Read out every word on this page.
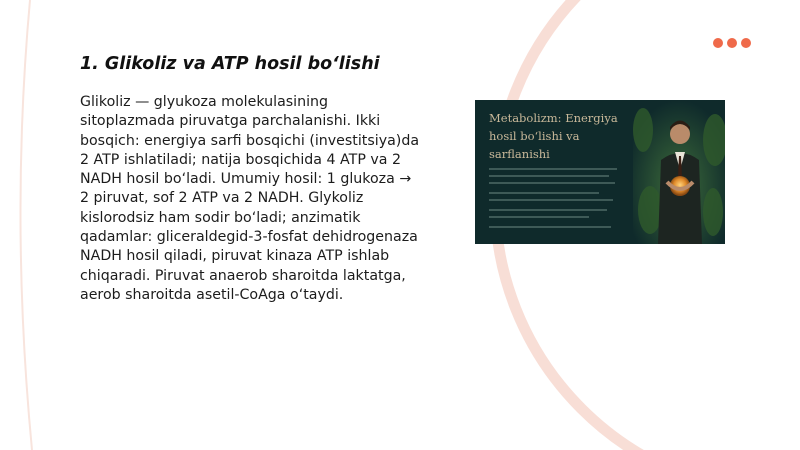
1. Glikoliz va ATP hosil bo‘lishi

Glikoliz — glyukoza molekulasining sitoplazmada piruvatga parchalanishi. Ikki bosqich: energiya sarfi bosqichi (investitsiya)da 2 ATP ishlatiladi; natija bosqichida 4 ATP va 2 NADH hosil bo‘ladi. Umumiy hosil: 1 glukoza → 2 piruvat, sof 2 ATP va 2 NADH. Glykoliz kislorodsiz ham sodir bo‘ladi; anzimatik qadamlar: gliceraldegid-3-fosfat dehidrogenaza NADH hosil qiladi, piruvat kinaza ATP ishlab chiqaradi. Piruvat anaerob sharoitda laktatga, aerob sharoitda asetil-CoAga o‘taydi.

Metabolizm: Energiya hosil bo‘lishi va sarflanishi
